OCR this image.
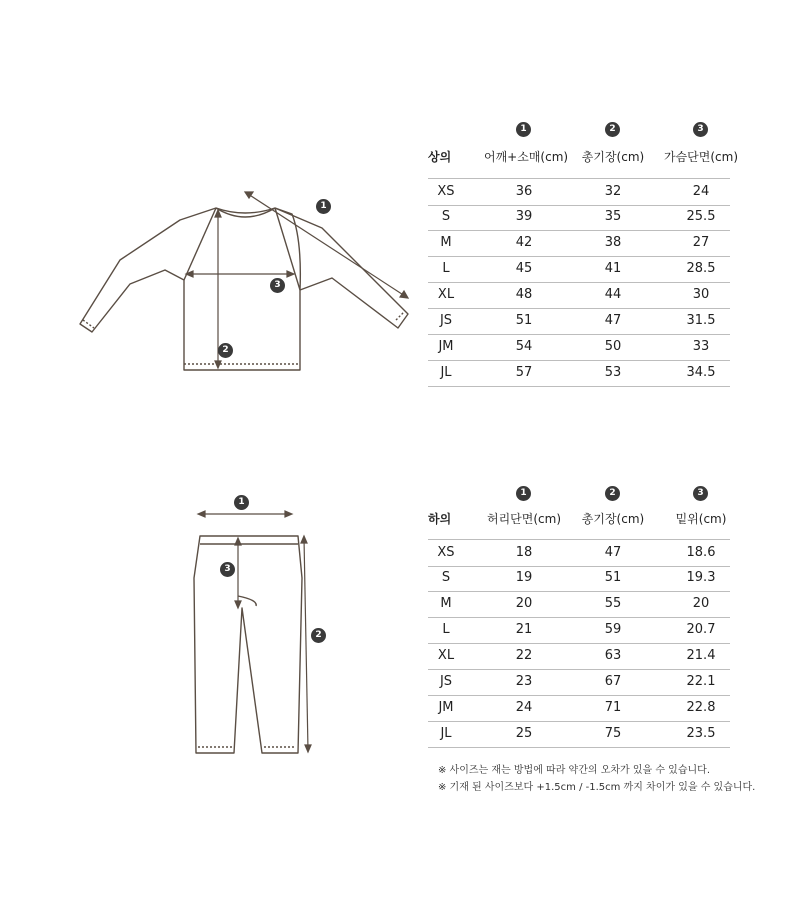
1
3
2
1	2	3
상의	어깨+소매(cm)	총기장(cm)	가슴단면(cm)
XS	36	32	24
S	39	35	25.5
M	42	38	27
L	45	41	28.5
XL	48	44	30
JS	51	47	31.5
JM	54	50	33
JL	57	53	34.5
1
3
2
1	2	3
하의	허리단면(cm)	총기장(cm)	밑위(cm)
XS	18	47	18.6
S	19	51	19.3
M	20	55	20
L	21	59	20.7
XL	22	63	21.4
JS	23	67	22.1
JM	24	71	22.8
JL	25	75	23.5
※ 사이즈는 재는 방법에 따라 약간의 오차가 있을 수 있습니다.
※ 기재 된 사이즈보다 +1.5cm / -1.5cm 까지 차이가 있을 수 있습니다.
